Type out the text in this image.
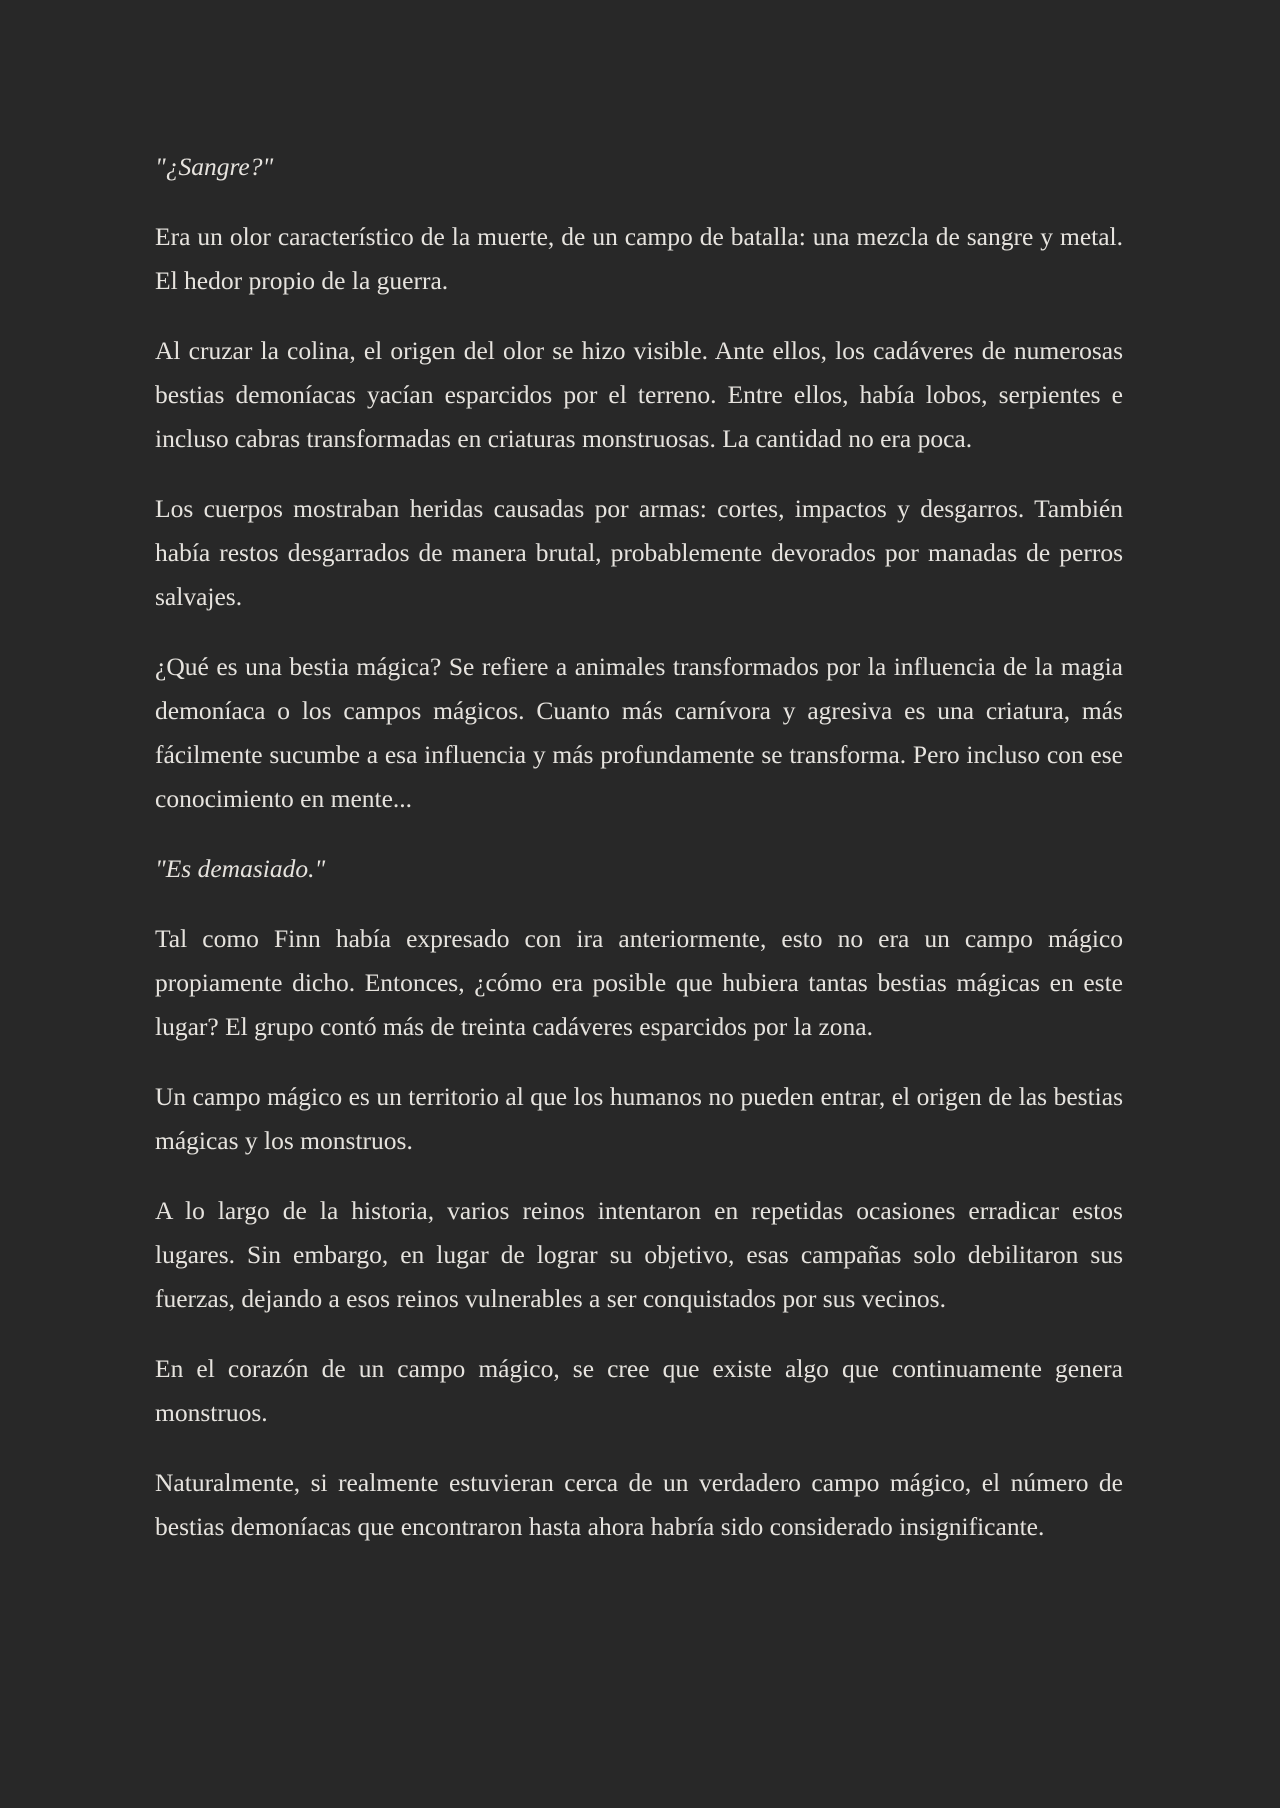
"¿Sangre?"

Era un olor característico de la muerte, de un campo de batalla: una mezcla de sangre y metal. El hedor propio de la guerra.

Al cruzar la colina, el origen del olor se hizo visible. Ante ellos, los cadáveres de numerosas bestias demoníacas yacían esparcidos por el terreno. Entre ellos, había lobos, serpientes e incluso cabras transformadas en criaturas monstruosas. La cantidad no era poca.

Los cuerpos mostraban heridas causadas por armas: cortes, impactos y desgarros. También había restos desgarrados de manera brutal, probablemente devorados por manadas de perros salvajes.

¿Qué es una bestia mágica? Se refiere a animales transformados por la influencia de la magia demoníaca o los campos mágicos. Cuanto más carnívora y agresiva es una criatura, más fácilmente sucumbe a esa influencia y más profundamente se transforma. Pero incluso con ese conocimiento en mente...

"Es demasiado."

Tal como Finn había expresado con ira anteriormente, esto no era un campo mágico propiamente dicho. Entonces, ¿cómo era posible que hubiera tantas bestias mágicas en este lugar? El grupo contó más de treinta cadáveres esparcidos por la zona.

Un campo mágico es un territorio al que los humanos no pueden entrar, el origen de las bestias mágicas y los monstruos.

A lo largo de la historia, varios reinos intentaron en repetidas ocasiones erradicar estos lugares. Sin embargo, en lugar de lograr su objetivo, esas campañas solo debilitaron sus fuerzas, dejando a esos reinos vulnerables a ser conquistados por sus vecinos.

En el corazón de un campo mágico, se cree que existe algo que continuamente genera monstruos.

Naturalmente, si realmente estuvieran cerca de un verdadero campo mágico, el número de bestias demoníacas que encontraron hasta ahora habría sido considerado insignificante.
